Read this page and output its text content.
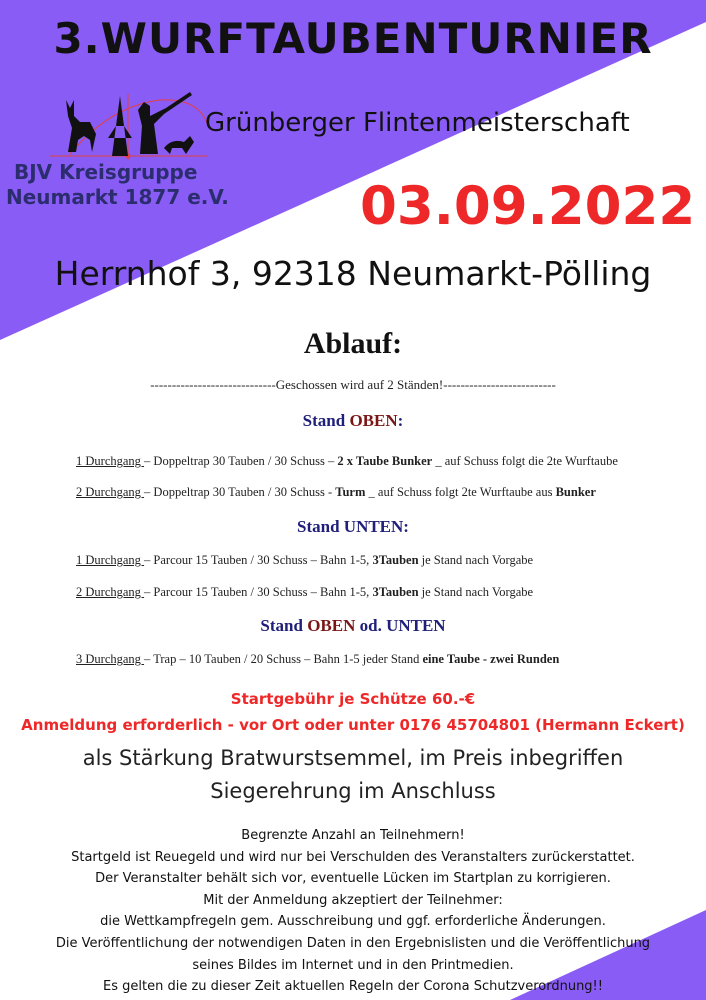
3.WURFTAUBENTURNIER
BJV Kreisgruppe
Neumarkt 1877 e.V.
Grünberger Flintenmeisterschaft
03.09.2022
Herrnhof 3, 92318 Neumarkt-Pölling
Ablauf:
-----------------------------Geschossen wird auf 2 Ständen!--------------------------
Stand OBEN:
1 Durchgang – Doppeltrap 30 Tauben / 30 Schuss – 2 x Taube Bunker _ auf Schuss folgt die 2te Wurftaube
2 Durchgang – Doppeltrap 30 Tauben / 30 Schuss - Turm _ auf Schuss folgt 2te Wurftaube aus Bunker
Stand UNTEN:
1 Durchgang – Parcour 15 Tauben / 30 Schuss – Bahn 1-5, 3Tauben je Stand nach Vorgabe
2 Durchgang – Parcour 15 Tauben / 30 Schuss – Bahn 1-5, 3Tauben je Stand nach Vorgabe
Stand OBEN od. UNTEN
3 Durchgang – Trap – 10 Tauben / 20 Schuss – Bahn 1-5 jeder Stand eine Taube - zwei Runden
Startgebühr je Schütze 60.-€
Anmeldung erforderlich - vor Ort oder unter 0176 45704801 (Hermann Eckert)
als Stärkung Bratwurstsemmel, im Preis inbegriffen
Siegerehrung im Anschluss
Begrenzte Anzahl an Teilnehmern!
Startgeld ist Reuegeld und wird nur bei Verschulden des Veranstalters zurückerstattet.
Der Veranstalter behält sich vor, eventuelle Lücken im Startplan zu korrigieren.
Mit der Anmeldung akzeptiert der Teilnehmer:
die Wettkampfregeln gem. Ausschreibung und ggf. erforderliche Änderungen.
Die Veröffentlichung der notwendigen Daten in den Ergebnislisten und die Veröffentlichung
seines Bildes im Internet und in den Printmedien.
Es gelten die zu dieser Zeit aktuellen Regeln der Corona Schutzverordnung!!
